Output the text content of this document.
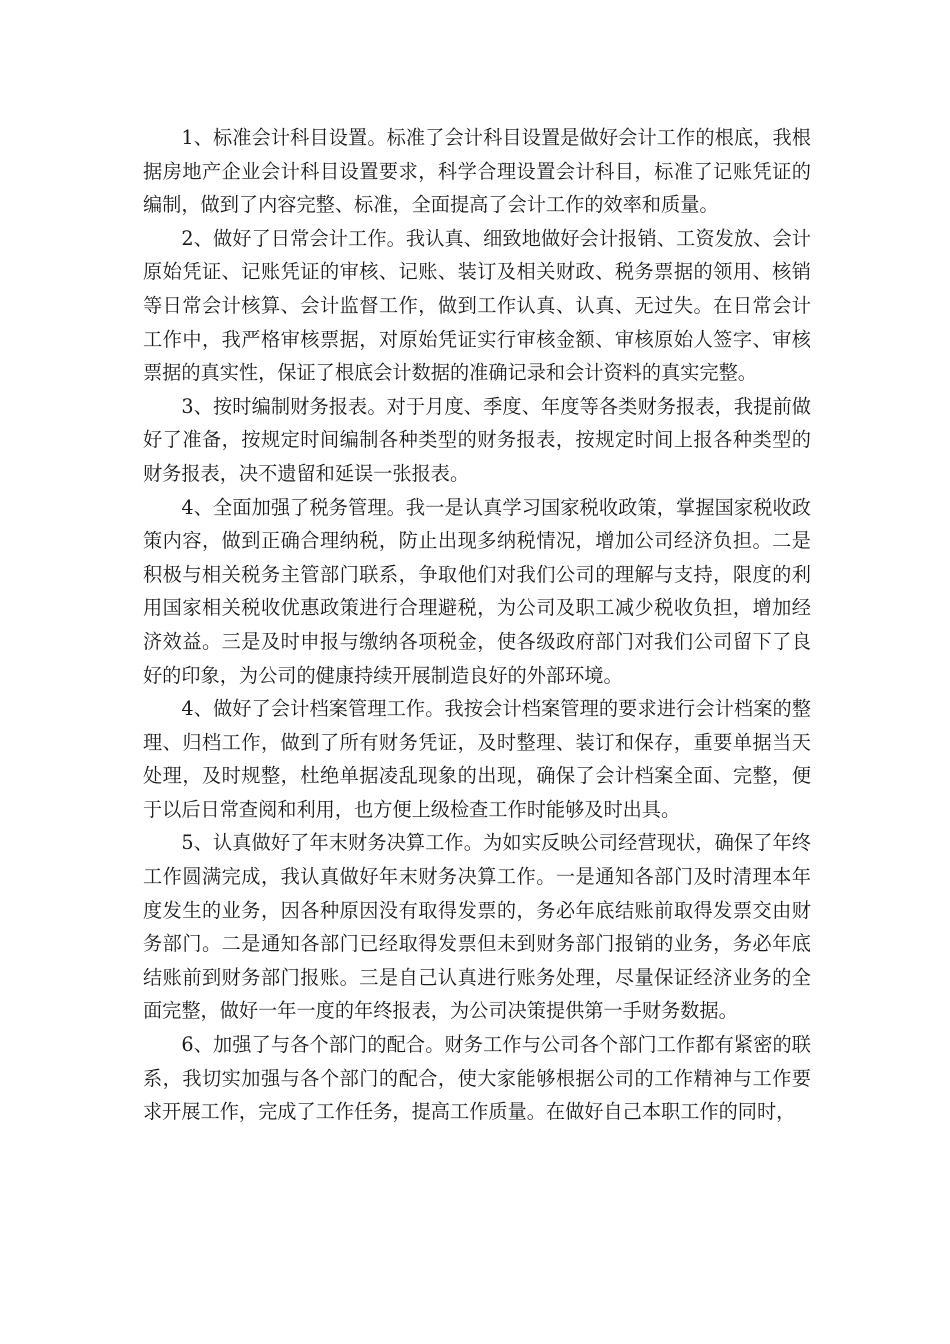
1、标准会计科目设置。标准了会计科目设置是做好会计工作的根底，我根据房地产企业会计科目设置要求，科学合理设置会计科目，标准了记账凭证的编制，做到了内容完整、标准，全面提高了会计工作的效率和质量。

2、做好了日常会计工作。我认真、细致地做好会计报销、工资发放、会计原始凭证、记账凭证的审核、记账、装订及相关财政、税务票据的领用、核销等日常会计核算、会计监督工作，做到工作认真、认真、无过失。在日常会计工作中，我严格审核票据，对原始凭证实行审核金额、审核原始人签字、审核票据的真实性，保证了根底会计数据的准确记录和会计资料的真实完整。

3、按时编制财务报表。对于月度、季度、年度等各类财务报表，我提前做好了准备，按规定时间编制各种类型的财务报表，按规定时间上报各种类型的财务报表，决不遗留和延误一张报表。

4、全面加强了税务管理。我一是认真学习国家税收政策，掌握国家税收政策内容，做到正确合理纳税，防止出现多纳税情况，增加公司经济负担。二是积极与相关税务主管部门联系，争取他们对我们公司的理解与支持，限度的利用国家相关税收优惠政策进行合理避税，为公司及职工减少税收负担，增加经济效益。三是及时申报与缴纳各项税金，使各级政府部门对我们公司留下了良好的印象，为公司的健康持续开展制造良好的外部环境。

4、做好了会计档案管理工作。我按会计档案管理的要求进行会计档案的整理、归档工作，做到了所有财务凭证，及时整理、装订和保存，重要单据当天处理，及时规整，杜绝单据凌乱现象的出现，确保了会计档案全面、完整，便于以后日常查阅和利用，也方便上级检查工作时能够及时出具。

5、认真做好了年末财务决算工作。为如实反映公司经营现状，确保了年终工作圆满完成，我认真做好年末财务决算工作。一是通知各部门及时清理本年度发生的业务，因各种原因没有取得发票的，务必年底结账前取得发票交由财务部门。二是通知各部门已经取得发票但未到财务部门报销的业务，务必年底结账前到财务部门报账。三是自己认真进行账务处理，尽量保证经济业务的全面完整，做好一年一度的年终报表，为公司决策提供第一手财务数据。

6、加强了与各个部门的配合。财务工作与公司各个部门工作都有紧密的联系，我切实加强与各个部门的配合，使大家能够根据公司的工作精神与工作要求开展工作，完成了工作任务，提高工作质量。在做好自己本职工作的同时，
